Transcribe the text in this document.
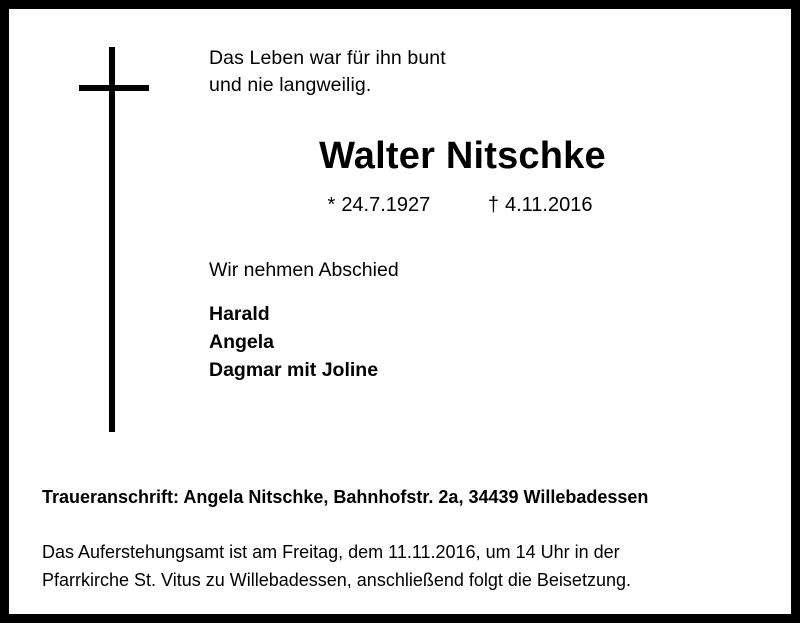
Das Leben war für ihn bunt
und nie langweilig.
Walter Nitschke
* 24.7.1927	† 4.11.2016
Wir nehmen Abschied
Harald
Angela
Dagmar mit Joline
Traueranschrift: Angela Nitschke, Bahnhofstr. 2a, 34439 Willebadessen
Das Auferstehungsamt ist am Freitag, dem 11.11.2016, um 14 Uhr in der
Pfarrkirche St. Vitus zu Willebadessen, anschließend folgt die Beisetzung.
